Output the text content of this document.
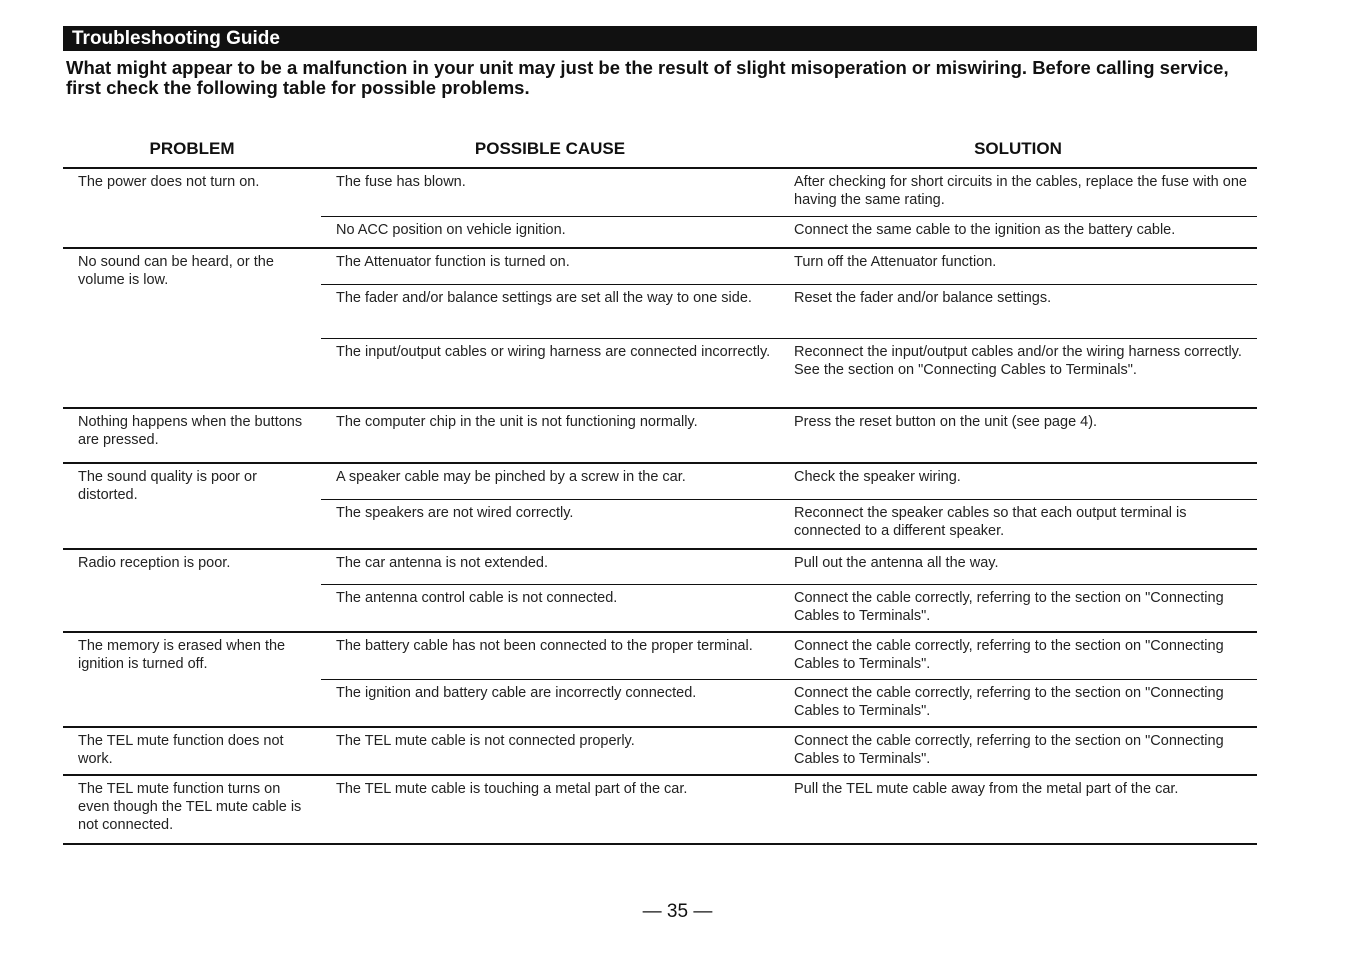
Troubleshooting Guide
What might appear to be a malfunction in your unit may just be the result of slight misoperation or miswiring. Before calling service, first check the following table for possible problems.
PROBLEM	POSSIBLE CAUSE	SOLUTION
The power does not turn on.	The fuse has blown.	After checking for short circuits in the cables, replace the fuse with one having the same rating.
	No ACC position on vehicle ignition.	Connect the same cable to the ignition as the battery cable.
No sound can be heard, or the volume is low.	The Attenuator function is turned on.	Turn off the Attenuator function.
	The fader and/or balance settings are set all the way to one side.	Reset the fader and/or balance settings.
	The input/output cables or wiring harness are connected incorrectly.	Reconnect the input/output cables and/or the wiring harness correctly. See the section on "Connecting Cables to Terminals".
Nothing happens when the buttons are pressed.	The computer chip in the unit is not functioning normally.	Press the reset button on the unit (see page 4).
The sound quality is poor or distorted.	A speaker cable may be pinched by a screw in the car.	Check the speaker wiring.
	The speakers are not wired correctly.	Reconnect the speaker cables so that each output terminal is connected to a different speaker.
Radio reception is poor.	The car antenna is not extended.	Pull out the antenna all the way.
	The antenna control cable is not connected.	Connect the cable correctly, referring to the section on "Connecting Cables to Terminals".
The memory is erased when the ignition is turned off.	The battery cable has not been connected to the proper terminal.	Connect the cable correctly, referring to the section on "Connecting Cables to Terminals".
	The ignition and battery cable are incorrectly connected.	Connect the cable correctly, referring to the section on "Connecting Cables to Terminals".
The TEL mute function does not work.	The TEL mute cable is not connected properly.	Connect the cable correctly, referring to the section on "Connecting Cables to Terminals".
The TEL mute function turns on even though the TEL mute cable is not connected.	The TEL mute cable is touching a metal part of the car.	Pull the TEL mute cable away from the metal part of the car.
— 35 —
